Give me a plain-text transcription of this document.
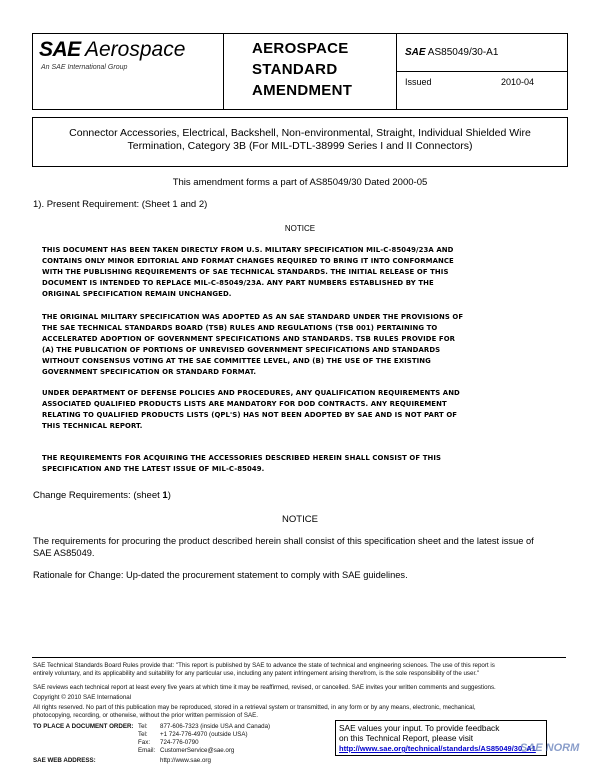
SAE Aerospace
An SAE International Group
AEROSPACE
STANDARD
AMENDMENT
SAE AS85049/30-A1
Issued	2010-04
Connector Accessories, Electrical, Backshell, Non-environmental, Straight, Individual Shielded Wire
Termination, Category 3B (For MIL-DTL-38999 Series I and II Connectors)
This amendment forms a part of AS85049/30 Dated 2000-05
1). Present Requirement: (Sheet 1 and 2)
NOTICE
THIS DOCUMENT HAS BEEN TAKEN DIRECTLY FROM U.S. MILITARY SPECIFICATION MIL-C-85049/23A AND
CONTAINS ONLY MINOR EDITORIAL AND FORMAT CHANGES REQUIRED TO BRING IT INTO CONFORMANCE
WITH THE PUBLISHING REQUIREMENTS OF SAE TECHNICAL STANDARDS. THE INITIAL RELEASE OF THIS
DOCUMENT IS INTENDED TO REPLACE MIL-C-85049/23A. ANY PART NUMBERS ESTABLISHED BY THE
ORIGINAL SPECIFICATION REMAIN UNCHANGED.
THE ORIGINAL MILITARY SPECIFICATION WAS ADOPTED AS AN SAE STANDARD UNDER THE PROVISIONS OF
THE SAE TECHNICAL STANDARDS BOARD (TSB) RULES AND REGULATIONS (TSB 001) PERTAINING TO
ACCELERATED ADOPTION OF GOVERNMENT SPECIFICATIONS AND STANDARDS. TSB RULES PROVIDE FOR
(A) THE PUBLICATION OF PORTIONS OF UNREVISED GOVERNMENT SPECIFICATIONS AND STANDARDS
WITHOUT CONSENSUS VOTING AT THE SAE COMMITTEE LEVEL, AND (B) THE USE OF THE EXISTING
GOVERNMENT SPECIFICATION OR STANDARD FORMAT.
UNDER DEPARTMENT OF DEFENSE POLICIES AND PROCEDURES, ANY QUALIFICATION REQUIREMENTS AND
ASSOCIATED QUALIFIED PRODUCTS LISTS ARE MANDATORY FOR DOD CONTRACTS. ANY REQUIREMENT
RELATING TO QUALIFIED PRODUCTS LISTS (QPL'S) HAS NOT BEEN ADOPTED BY SAE AND IS NOT PART OF
THIS TECHNICAL REPORT.
THE REQUIREMENTS FOR ACQUIRING THE ACCESSORIES DESCRIBED HEREIN SHALL CONSIST OF THIS
SPECIFICATION AND THE LATEST ISSUE OF MIL-C-85049.
Change Requirements: (sheet 1)
NOTICE
The requirements for procuring the product described herein shall consist of this specification sheet and the latest issue of
SAE AS85049.
Rationale for Change: Up-dated the procurement statement to comply with SAE guidelines.
SAE Technical Standards Board Rules provide that: "This report is published by SAE to advance the state of technical and engineering sciences. The use of this report is
entirely voluntary, and its applicability and suitability for any particular use, including any patent infringement arising therefrom, is the sole responsibility of the user."
SAE reviews each technical report at least every five years at which time it may be reaffirmed, revised, or cancelled. SAE invites your written comments and suggestions.
Copyright © 2010 SAE International
All rights reserved. No part of this publication may be reproduced, stored in a retrieval system or transmitted, in any form or by any means, electronic, mechanical,
photocopying, recording, or otherwise, without the prior written permission of SAE.
TO PLACE A DOCUMENT ORDER: Tel: 877-606-7323 (inside USA and Canada)
Tel: +1 724-776-4970 (outside USA)
Fax: 724-776-0790
Email: CustomerService@sae.org
SAE WEB ADDRESS:	http://www.sae.org
SAE values your input. To provide feedback
on this Technical Report, please visit
http://www.sae.org/technical/standards/AS85049/30_A1
SAE NORM
